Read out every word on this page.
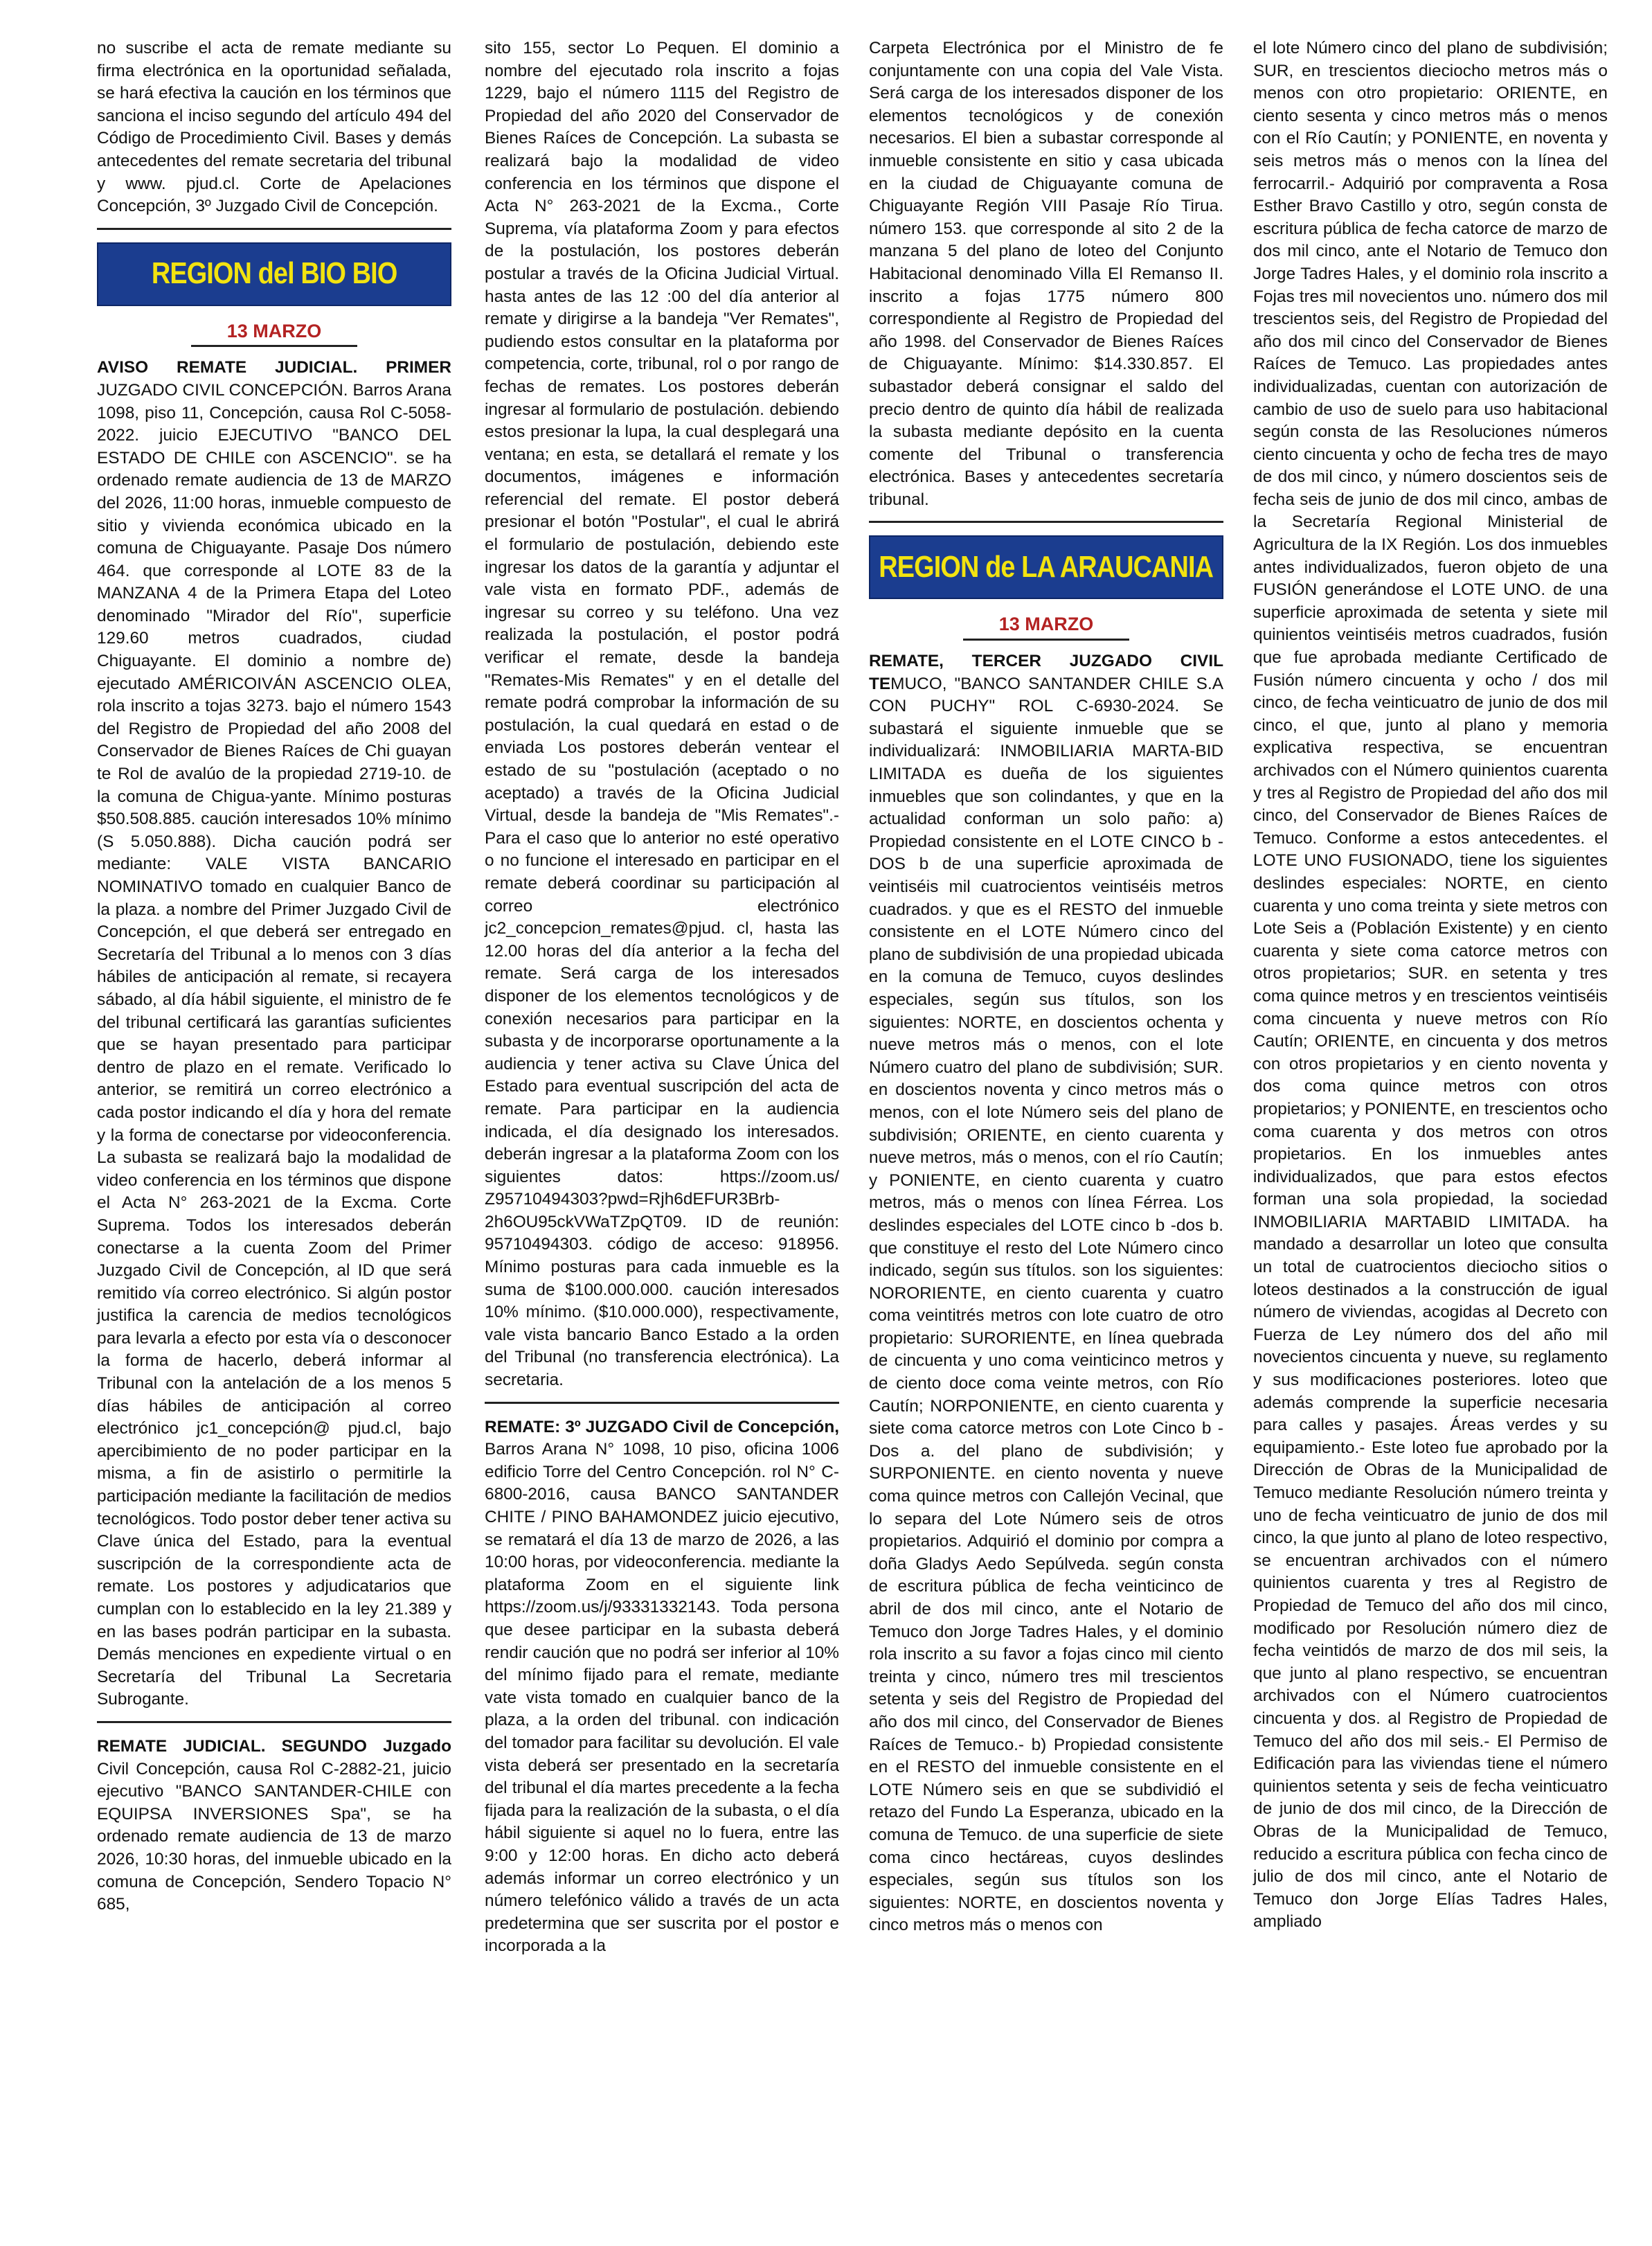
no suscribe el acta de remate mediante su firma electrónica en la oportunidad señalada, se hará efectiva la caución en los términos que sanciona el inciso segundo del artículo 494 del Código de Procedimiento Civil. Bases y demás antecedentes del remate secretaria del tribunal y www. pjud.cl. Corte de Apelaciones Concepción, 3º Juzgado Civil de Concepción.

REGION del BIO BIO
13 MARZO

AVISO REMATE JUDICIAL. PRIMER JUZGADO CIVIL CONCEPCIÓN. Barros Arana 1098, piso 11, Concepción, causa Rol C-5058-2022. juicio EJECUTIVO "BANCO DEL ESTADO DE CHILE con ASCENCIO". se ha ordenado remate audiencia de 13 de MARZO del 2026, 11:00 horas, inmueble compuesto de sitio y vivienda económica ubicado en la comuna de Chiguayante. Pasaje Dos número 464. que corresponde al LOTE 83 de la MANZANA 4 de la Primera Etapa del Loteo denominado "Mirador del Río", superficie 129.60 metros cuadrados, ciudad Chiguayante. El dominio a nombre de) ejecutado AMÉRICOIVÁN ASCENCIO OLEA, rola inscrito a tojas 3273. bajo el número 1543 del Registro de Propiedad del año 2008 del Conservador de Bienes Raíces de Chi guayan te Rol de avalúo de la propiedad 2719-10. de la comuna de Chigua-yante. Mínimo posturas $50.508.885. caución interesados 10% mínimo (S 5.050.888). Dicha caución podrá ser mediante: VALE VISTA BANCARIO NOMINATIVO tomado en cualquier Banco de la plaza. a nombre del Primer Juzgado Civil de Concepción, el que deberá ser entregado en Secretaría del Tribunal a lo menos con 3 días hábiles de anticipación al remate, si recayera sábado, al día hábil siguiente, el ministro de fe del tribunal certificará las garantías suficientes que se hayan presentado para participar dentro de plazo en el remate. Verificado lo anterior, se remitirá un correo electrónico a cada postor indicando el día y hora del remate y la forma de conectarse por videoconferencia. La subasta se realizará bajo la modalidad de video conferencia en los términos que dispone el Acta N° 263-2021 de la Excma. Corte Suprema. Todos los interesados deberán conectarse a la cuenta Zoom del Primer Juzgado Civil de Concepción, al ID que será remitido vía correo electrónico. Si algún postor justifica la carencia de medios tecnológicos para levarla a efecto por esta vía o desconocer la forma de hacerlo, deberá informar al Tribunal con la antelación de a los menos 5 días hábiles de anticipación al correo electrónico jc1_concepción@ pjud.cl, bajo apercibimiento de no poder participar en la misma, a fin de asistirlo o permitirle la participación mediante la facilitación de medios tecnológicos. Todo postor deber tener activa su Clave única del Estado, para la eventual suscripción de la correspondiente acta de remate. Los postores y adjudicatarios que cumplan con lo establecido en la ley 21.389 y en las bases podrán participar en la subasta. Demás menciones en expediente virtual o en Secretaría del Tribunal La Secretaria Subrogante.

REMATE JUDICIAL. SEGUNDO Juzgado Civil Concepción, causa Rol C-2882-21, juicio ejecutivo "BANCO SANTANDER-CHILE con EQUIPSA INVERSIONES Spa", se ha ordenado remate audiencia de 13 de marzo 2026, 10:30 horas, del inmueble ubicado en la comuna de Concepción, Sendero Topacio N° 685,

sito 155, sector Lo Pequen. El dominio a nombre del ejecutado rola inscrito a fojas 1229, bajo el número 1115 del Registro de Propiedad del año 2020 del Conservador de Bienes Raíces de Concepción. La subasta se realizará bajo la modalidad de video conferencia en los términos que dispone el Acta N° 263-2021 de la Excma., Corte Suprema, vía plataforma Zoom y para efectos de la postulación, los postores deberán postular a través de la Oficina Judicial Virtual. hasta antes de las 12 :00 del día anterior al remate y dirigirse a la bandeja "Ver Remates", pudiendo estos consultar en la plataforma por competencia, corte, tribunal, rol o por rango de fechas de remates. Los postores deberán ingresar al formulario de postulación. debiendo estos presionar la lupa, la cual desplegará una ventana; en esta, se detallará el remate y los documentos, imágenes e información referencial del remate. El postor deberá presionar el botón "Postular", el cual le abrirá el formulario de postulación, debiendo este ingresar los datos de la garantía y adjuntar el vale vista en formato PDF., además de ingresar su correo y su teléfono. Una vez realizada la postulación, el postor podrá verificar el remate, desde la bandeja "Remates-Mis Remates" y en el detalle del remate podrá comprobar la información de su postulación, la cual quedará en estad o de enviada Los postores deberán ventear el estado de su "postulación (aceptado o no aceptado) a través de la Oficina Judicial Virtual, desde la bandeja de "Mis Remates".- Para el caso que lo anterior no esté operativo o no funcione el interesado en participar en el remate deberá coordinar su participación al correo electrónico jc2_concepcion_remates@pjud. cl, hasta las 12.00 horas del día anterior a la fecha del remate. Será carga de los interesados disponer de los elementos tecnológicos y de conexión necesarios para participar en la subasta y de incorporarse oportunamente a la audiencia y tener activa su Clave Única del Estado para eventual suscripción del acta de remate. Para participar en la audiencia indicada, el día designado los interesados. deberán ingresar a la plataforma Zoom con los siguientes datos: https://zoom.us/ Z95710494303?pwd=Rjh6dEFUR3Brb-2h6OU95ckVWaTZpQT09. ID de reunión: 95710494303. código de acceso: 918956. Mínimo posturas para cada inmueble es la suma de $100.000.000. caución interesados 10% mínimo. ($10.000.000), respectivamente, vale vista bancario Banco Estado a la orden del Tribunal (no transferencia electrónica). La secretaria.

REMATE: 3º JUZGADO Civil de Concepción, Barros Arana N° 1098, 10 piso, oficina 1006 edificio Torre del Centro Concepción. rol N° C-6800-2016, causa BANCO SANTANDER CHITE / PINO BAHAMONDEZ juicio ejecutivo, se rematará el día 13 de marzo de 2026, a las 10:00 horas, por videoconferencia. mediante la plataforma Zoom en el siguiente link https://zoom.us/j/93331332143. Toda persona que desee participar en la subasta deberá rendir caución que no podrá ser inferior al 10% del mínimo fijado para el remate, mediante vate vista tomado en cualquier banco de la plaza, a la orden del tribunal. con indicación del tomador para facilitar su devolución. El vale vista deberá ser presentado en la secretaría del tribunal el día martes precedente a la fecha fijada para la realización de la subasta, o el día hábil siguiente si aquel no lo fuera, entre las 9:00 y 12:00 horas. En dicho acto deberá además informar un correo electrónico y un número telefónico válido a través de un acta predetermina que ser suscrita por el postor e incorporada a la

Carpeta Electrónica por el Ministro de fe conjuntamente con una copia del Vale Vista. Será carga de los interesados disponer de los elementos tecnológicos y de conexión necesarios. El bien a subastar corresponde al inmueble consistente en sitio y casa ubicada en la ciudad de Chiguayante comuna de Chiguayante Región VIII Pasaje Río Tirua. número 153. que corresponde al sito 2 de la manzana 5 del plano de loteo del Conjunto Habitacional denominado Villa El Remanso II. inscrito a fojas 1775 número 800 correspondiente al Registro de Propiedad del año 1998. del Conservador de Bienes Raíces de Chiguayante. Mínimo: $14.330.857. El subastador deberá consignar el saldo del precio dentro de quinto día hábil de realizada la subasta mediante depósito en la cuenta comente del Tribunal o transferencia electrónica. Bases y antecedentes secretaría tribunal.

REGION de LA ARAUCANIA
13 MARZO

REMATE, TERCER JUZGADO CIVIL TEMUCO, "BANCO SANTANDER CHILE S.A CON PUCHY" ROL C-6930-2024. Se subastará el siguiente inmueble que se individualizará: INMOBILIARIA MARTA-BID LIMITADA es dueña de los siguientes inmuebles que son colindantes, y que en la actualidad conforman un solo paño: a) Propiedad consistente en el LOTE CINCO b - DOS b de una superficie aproximada de veintiséis mil cuatrocientos veintiséis metros cuadrados. y que es el RESTO del inmueble consistente en el LOTE Número cinco del plano de subdivisión de una propiedad ubicada en la comuna de Temuco, cuyos deslindes especiales, según sus títulos, son los siguientes: NORTE, en doscientos ochenta y nueve metros más o menos, con el lote Número cuatro del plano de subdivisión; SUR. en doscientos noventa y cinco metros más o menos, con el lote Número seis del plano de subdivisión; ORIENTE, en ciento cuarenta y nueve metros, más o menos, con el río Cautín; y PONIENTE, en ciento cuarenta y cuatro metros, más o menos con línea Férrea. Los deslindes especiales del LOTE cinco b -dos b. que constituye el resto del Lote Número cinco indicado, según sus títulos. son los siguientes: NORORIENTE, en ciento cuarenta y cuatro coma veintitrés metros con lote cuatro de otro propietario: SURORIENTE, en línea quebrada de cincuenta y uno coma veinticinco metros y de ciento doce coma veinte metros, con Río Cautín; NORPONIENTE, en ciento cuarenta y siete coma catorce metros con Lote Cinco b - Dos a. del plano de subdivisión; y SURPONIENTE. en ciento noventa y nueve coma quince metros con Callejón Vecinal, que lo separa del Lote Número seis de otros propietarios. Adquirió el dominio por compra a doña Gladys Aedo Sepúlveda. según consta de escritura pública de fecha veinticinco de abril de dos mil cinco, ante el Notario de Temuco don Jorge Tadres Hales, y el dominio rola inscrito a su favor a fojas cinco mil ciento treinta y cinco, número tres mil trescientos setenta y seis del Registro de Propiedad del año dos mil cinco, del Conservador de Bienes Raíces de Temuco.- b) Propiedad consistente en el RESTO del inmueble consistente en el LOTE Número seis en que se subdividió el retazo del Fundo La Esperanza, ubicado en la comuna de Temuco. de una superficie de siete coma cinco hectáreas, cuyos deslindes especiales, según sus títulos son los siguientes: NORTE, en doscientos noventa y cinco metros más o menos con

el lote Número cinco del plano de subdivisión; SUR, en trescientos dieciocho metros más o menos con otro propietario: ORIENTE, en ciento sesenta y cinco metros más o menos con el Río Cautín; y PONIENTE, en noventa y seis metros más o menos con la línea del ferrocarril.- Adquirió por compraventa a Rosa Esther Bravo Castillo y otro, según consta de escritura pública de fecha catorce de marzo de dos mil cinco, ante el Notario de Temuco don Jorge Tadres Hales, y el dominio rola inscrito a Fojas tres mil novecientos uno. número dos mil trescientos seis, del Registro de Propiedad del año dos mil cinco del Conservador de Bienes Raíces de Temuco. Las propiedades antes individualizadas, cuentan con autorización de cambio de uso de suelo para uso habitacional según consta de las Resoluciones números ciento cincuenta y ocho de fecha tres de mayo de dos mil cinco, y número doscientos seis de fecha seis de junio de dos mil cinco, ambas de la Secretaría Regional Ministerial de Agricultura de la IX Región. Los dos inmuebles antes individualizados, fueron objeto de una FUSIÓN generándose el LOTE UNO. de una superficie aproximada de setenta y siete mil quinientos veintiséis metros cuadrados, fusión que fue aprobada mediante Certificado de Fusión número cincuenta y ocho / dos mil cinco, de fecha veinticuatro de junio de dos mil cinco, el que, junto al plano y memoria explicativa respectiva, se encuentran archivados con el Número quinientos cuarenta y tres al Registro de Propiedad del año dos mil cinco, del Conservador de Bienes Raíces de Temuco. Conforme a estos antecedentes. el LOTE UNO FUSIONADO, tiene los siguientes deslindes especiales: NORTE, en ciento cuarenta y uno coma treinta y siete metros con Lote Seis a (Población Existente) y en ciento cuarenta y siete coma catorce metros con otros propietarios; SUR. en setenta y tres coma quince metros y en trescientos veintiséis coma cincuenta y nueve metros con Río Cautín; ORIENTE, en cincuenta y dos metros con otros propietarios y en ciento noventa y dos coma quince metros con otros propietarios; y PONIENTE, en trescientos ocho coma cuarenta y dos metros con otros propietarios. En los inmuebles antes individualizados, que para estos efectos forman una sola propiedad, la sociedad INMOBILIARIA MARTABID LIMITADA. ha mandado a desarrollar un loteo que consulta un total de cuatrocientos dieciocho sitios o loteos destinados a la construcción de igual número de viviendas, acogidas al Decreto con Fuerza de Ley número dos del año mil novecientos cincuenta y nueve, su reglamento y sus modificaciones posteriores. loteo que además comprende la superficie necesaria para calles y pasajes. Áreas verdes y su equipamiento.- Este loteo fue aprobado por la Dirección de Obras de la Municipalidad de Temuco mediante Resolución número treinta y uno de fecha veinticuatro de junio de dos mil cinco, la que junto al plano de loteo respectivo, se encuentran archivados con el número quinientos cuarenta y tres al Registro de Propiedad de Temuco del año dos mil cinco, modificado por Resolución número diez de fecha veintidós de marzo de dos mil seis, la que junto al plano respectivo, se encuentran archivados con el Número cuatrocientos cincuenta y dos. al Registro de Propiedad de Temuco del año dos mil seis.- El Permiso de Edificación para las viviendas tiene el número quinientos setenta y seis de fecha veinticuatro de junio de dos mil cinco, de la Dirección de Obras de la Municipalidad de Temuco, reducido a escritura pública con fecha cinco de julio de dos mil cinco, ante el Notario de Temuco don Jorge Elías Tadres Hales, ampliado
